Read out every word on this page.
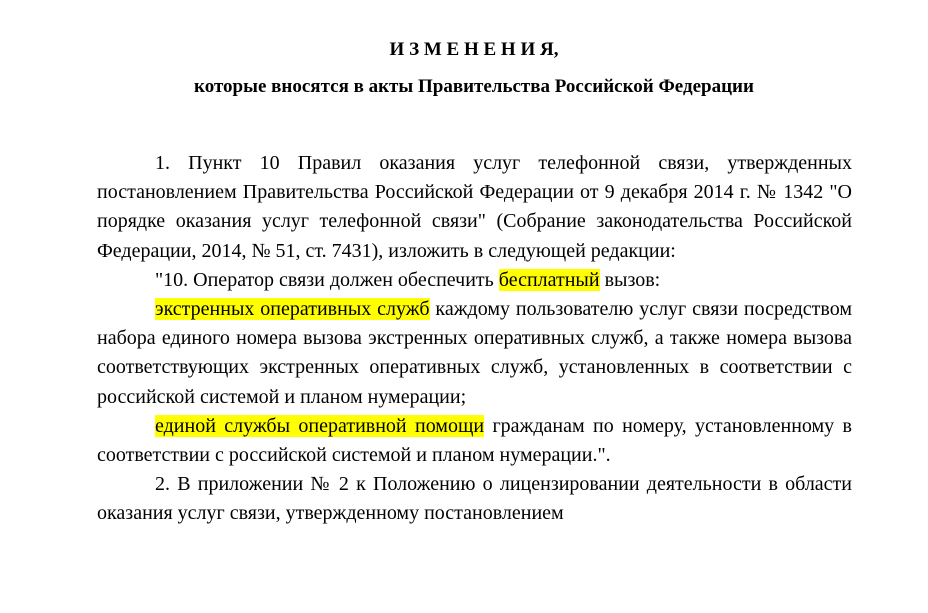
И З М Е Н Е Н И Я,
которые вносятся в акты Правительства Российской Федерации

1. Пункт 10 Правил оказания услуг телефонной связи, утвержденных постановлением Правительства Российской Федерации от 9 декабря 2014 г. № 1342 "О порядке оказания услуг телефонной связи" (Собрание законодательства Российской Федерации, 2014, № 51, ст. 7431), изложить в следующей редакции:

"10. Оператор связи должен обеспечить бесплатный вызов:

экстренных оперативных служб каждому пользователю услуг связи посредством набора единого номера вызова экстренных оперативных служб, а также номера вызова соответствующих экстренных оперативных служб, установленных в соответствии с российской системой и планом нумерации;

единой службы оперативной помощи гражданам по номеру, установленному в соответствии с российской системой и планом нумерации.".

2. В приложении № 2 к Положению о лицензировании деятельности в области оказания услуг связи, утвержденному постановлением
